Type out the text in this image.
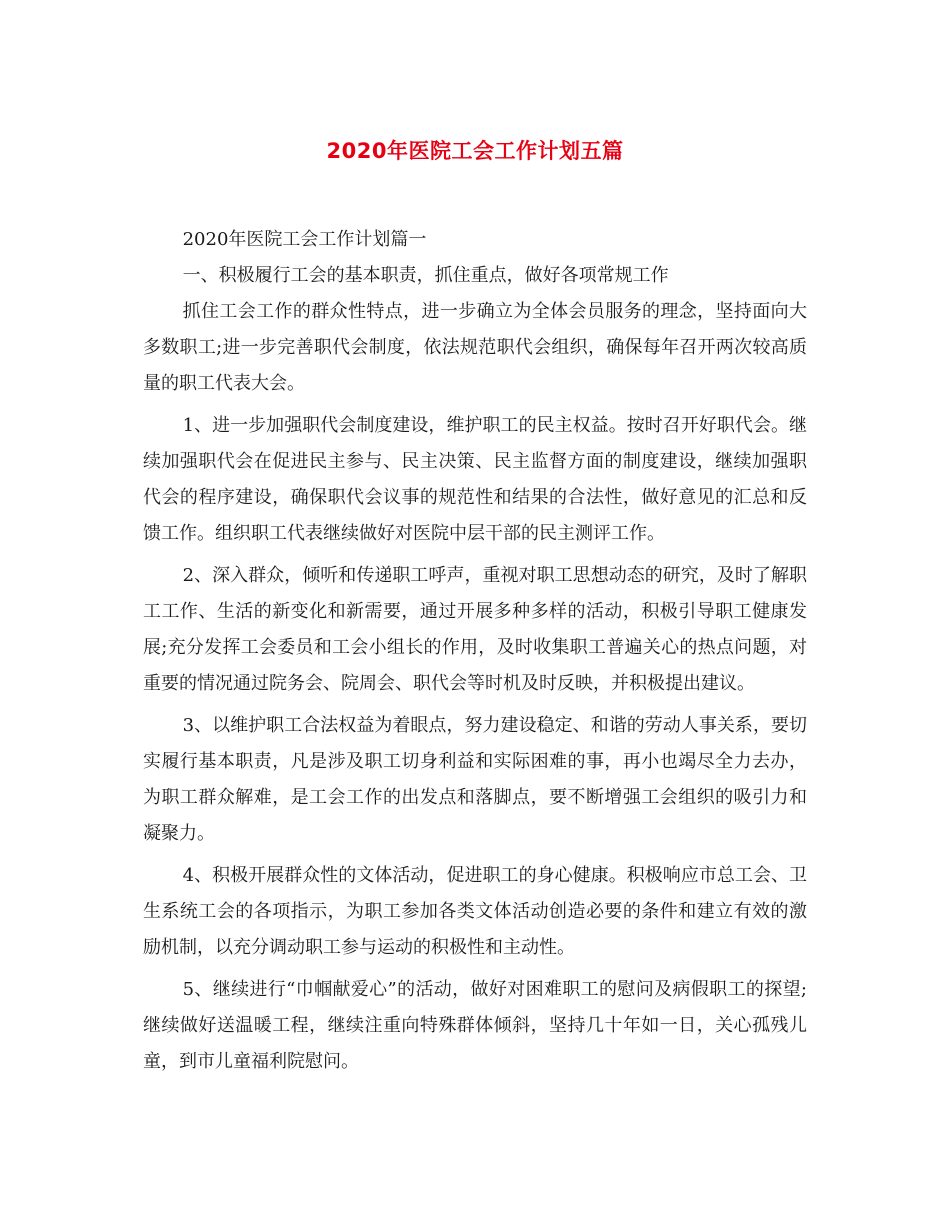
2020年医院工会工作计划五篇

2020年医院工会工作计划篇一

一、积极履行工会的基本职责，抓住重点，做好各项常规工作

抓住工会工作的群众性特点，进一步确立为全体会员服务的理念，坚持面向大多数职工;进一步完善职代会制度，依法规范职代会组织，确保每年召开两次较高质量的职工代表大会。

1、进一步加强职代会制度建设，维护职工的民主权益。按时召开好职代会。继续加强职代会在促进民主参与、民主决策、民主监督方面的制度建设，继续加强职代会的程序建设，确保职代会议事的规范性和结果的合法性，做好意见的汇总和反馈工作。组织职工代表继续做好对医院中层干部的民主测评工作。

2、深入群众，倾听和传递职工呼声，重视对职工思想动态的研究，及时了解职工工作、生活的新变化和新需要，通过开展多种多样的活动，积极引导职工健康发展;充分发挥工会委员和工会小组长的作用，及时收集职工普遍关心的热点问题，对重要的情况通过院务会、院周会、职代会等时机及时反映，并积极提出建议。

3、以维护职工合法权益为着眼点，努力建设稳定、和谐的劳动人事关系，要切实履行基本职责，凡是涉及职工切身利益和实际困难的事，再小也竭尽全力去办，为职工群众解难，是工会工作的出发点和落脚点，要不断增强工会组织的吸引力和凝聚力。

4、积极开展群众性的文体活动，促进职工的身心健康。积极响应市总工会、卫生系统工会的各项指示，为职工参加各类文体活动创造必要的条件和建立有效的激励机制，以充分调动职工参与运动的积极性和主动性。

5、继续进行“巾帼献爱心”的活动，做好对困难职工的慰问及病假职工的探望;继续做好送温暖工程，继续注重向特殊群体倾斜，坚持几十年如一日，关心孤残儿童，到市儿童福利院慰问。
